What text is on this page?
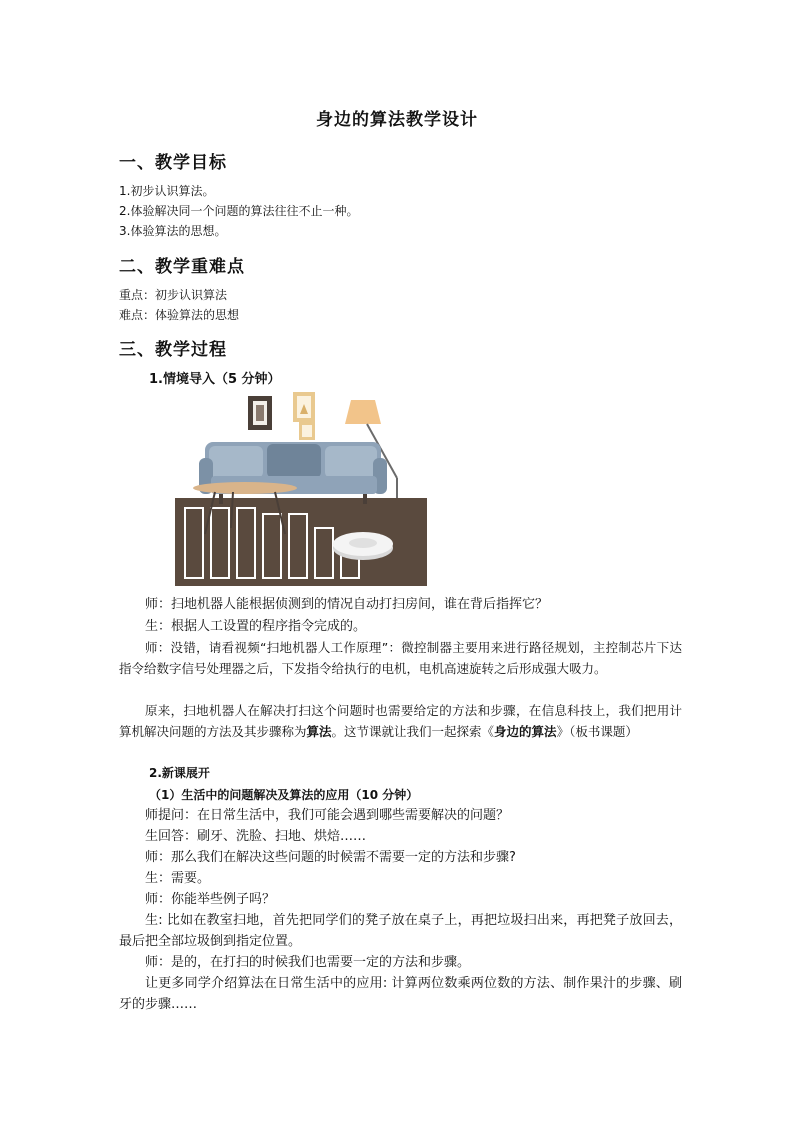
身边的算法教学设计
一、教学目标
1.初步认识算法。
2.体验解决同一个问题的算法往往不止一种。
3.体验算法的思想。
二、教学重难点
重点：初步认识算法
难点：体验算法的思想
三、教学过程
1.情境导入（5 分钟）
师：扫地机器人能根据侦测到的情况自动打扫房间，谁在背后指挥它？
生：根据人工设置的程序指令完成的。
师：没错，请看视频“扫地机器人工作原理”：微控制器主要用来进行路径规划，主控制芯片下达指令给数字信号处理器之后，下发指令给执行的电机，电机高速旋转之后形成强大吸力。
原来，扫地机器人在解决打扫这个问题时也需要给定的方法和步骤，在信息科技上，我们把用计算机解决问题的方法及其步骤称为算法。这节课就让我们一起探索《身边的算法》（板书课题）
2.新课展开
（1）生活中的问题解决及算法的应用（10 分钟）
师提问：在日常生活中，我们可能会遇到哪些需要解决的问题？
生回答：刷牙、洗脸、扫地、烘焙……
师：那么我们在解决这些问题的时候需不需要一定的方法和步骤?
生：需要。
师：你能举些例子吗？
生: 比如在教室扫地，首先把同学们的凳子放在桌子上，再把垃圾扫出来，再把凳子放回去，最后把全部垃圾倒到指定位置。
师：是的，在打扫的时候我们也需要一定的方法和步骤。
让更多同学介绍算法在日常生活中的应用: 计算两位数乘两位数的方法、制作果汁的步骤、刷牙的步骤……
